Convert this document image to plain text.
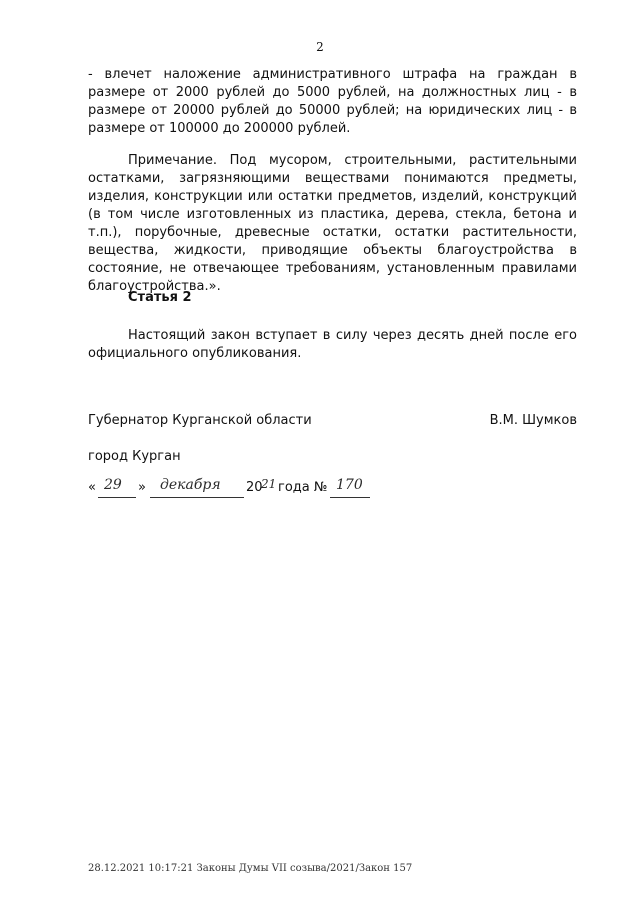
2

- влечет наложение административного штрафа на граждан в размере от 2000 рублей до 5000 рублей, на должностных лиц - в размере от 20000 рублей до 50000 рублей; на юридических лиц - в размере от 100000 до 200000 рублей.

Примечание. Под мусором, строительными, растительными остатками, загрязняющими веществами понимаются предметы, изделия, конструкции или остатки предметов, изделий, конструкций (в том числе изготовленных из пластика, дерева, стекла, бетона и т.п.), порубочные, древесные остатки, остатки растительности, вещества, жидкости, приводящие объекты благоустройства в состояние, не отвечающее требованиям, установленным правилами благоустройства.».

Статья 2

Настоящий закон вступает в силу через десять дней после его официального опубликования.

Губернатор Курганской области	В.М. Шумков
город Курган
« 29 » декабря 20
21 года № 170
28.12.2021 10:17:21 Законы Думы VII созыва/2021/Закон 157
